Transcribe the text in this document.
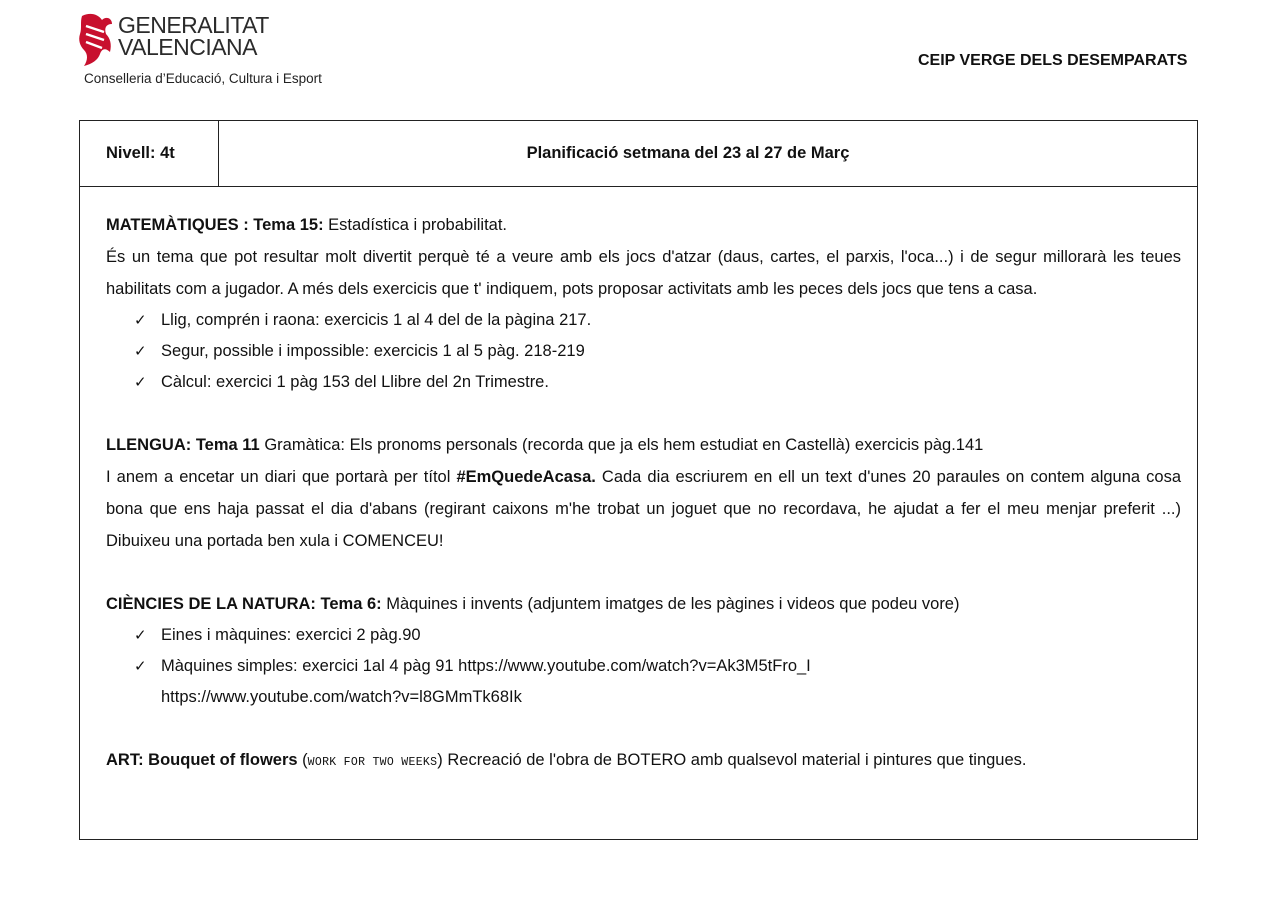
GENERALITAT
VALENCIANA
Conselleria d’Educació, Cultura i Esport
CEIP VERGE DELS DESEMPARATS
Nivell: 4t	Planificació setmana del 23 al 27 de Març

MATEMÀTIQUES : Tema 15: Estadística i probabilitat.

És un tema que pot resultar molt divertit perquè té a veure amb els jocs d'atzar (daus, cartes, el parxis, l'oca...) i de segur millorarà les teues habilitats com a jugador. A més dels exercicis que t' indiquem, pots proposar activitats amb les peces dels jocs que tens a casa.

✓ Llig, comprén i raona: exercicis 1 al 4 del de la pàgina 217.
✓ Segur, possible i impossible: exercicis 1 al 5 pàg. 218-219
✓ Càlcul: exercici 1 pàg 153 del Llibre del 2n Trimestre.

LLENGUA: Tema 11 Gramàtica: Els pronoms personals (recorda que ja els hem estudiat en Castellà) exercicis pàg.141

I anem a encetar un diari que portarà per títol #EmQuedeAcasa. Cada dia escriurem en ell un text d'unes 20 paraules on contem alguna cosa bona que ens haja passat el dia d'abans (regirant caixons m'he trobat un joguet que no recordava, he ajudat a fer el meu menjar preferit ...) Dibuixeu una portada ben xula i COMENCEU!

CIÈNCIES DE LA NATURA: Tema 6: Màquines i invents (adjuntem imatges de les pàgines i videos que podeu vore)

✓ Eines i màquines: exercici 2 pàg.90
✓ Màquines simples: exercici 1al 4 pàg 91 https://www.youtube.com/watch?v=Ak3M5tFro_I
https://www.youtube.com/watch?v=l8GMmTk68Ik

ART: Bouquet of flowers (WORK FOR TWO WEEKS) Recreació de l'obra de BOTERO amb qualsevol material i pintures que tingues.
